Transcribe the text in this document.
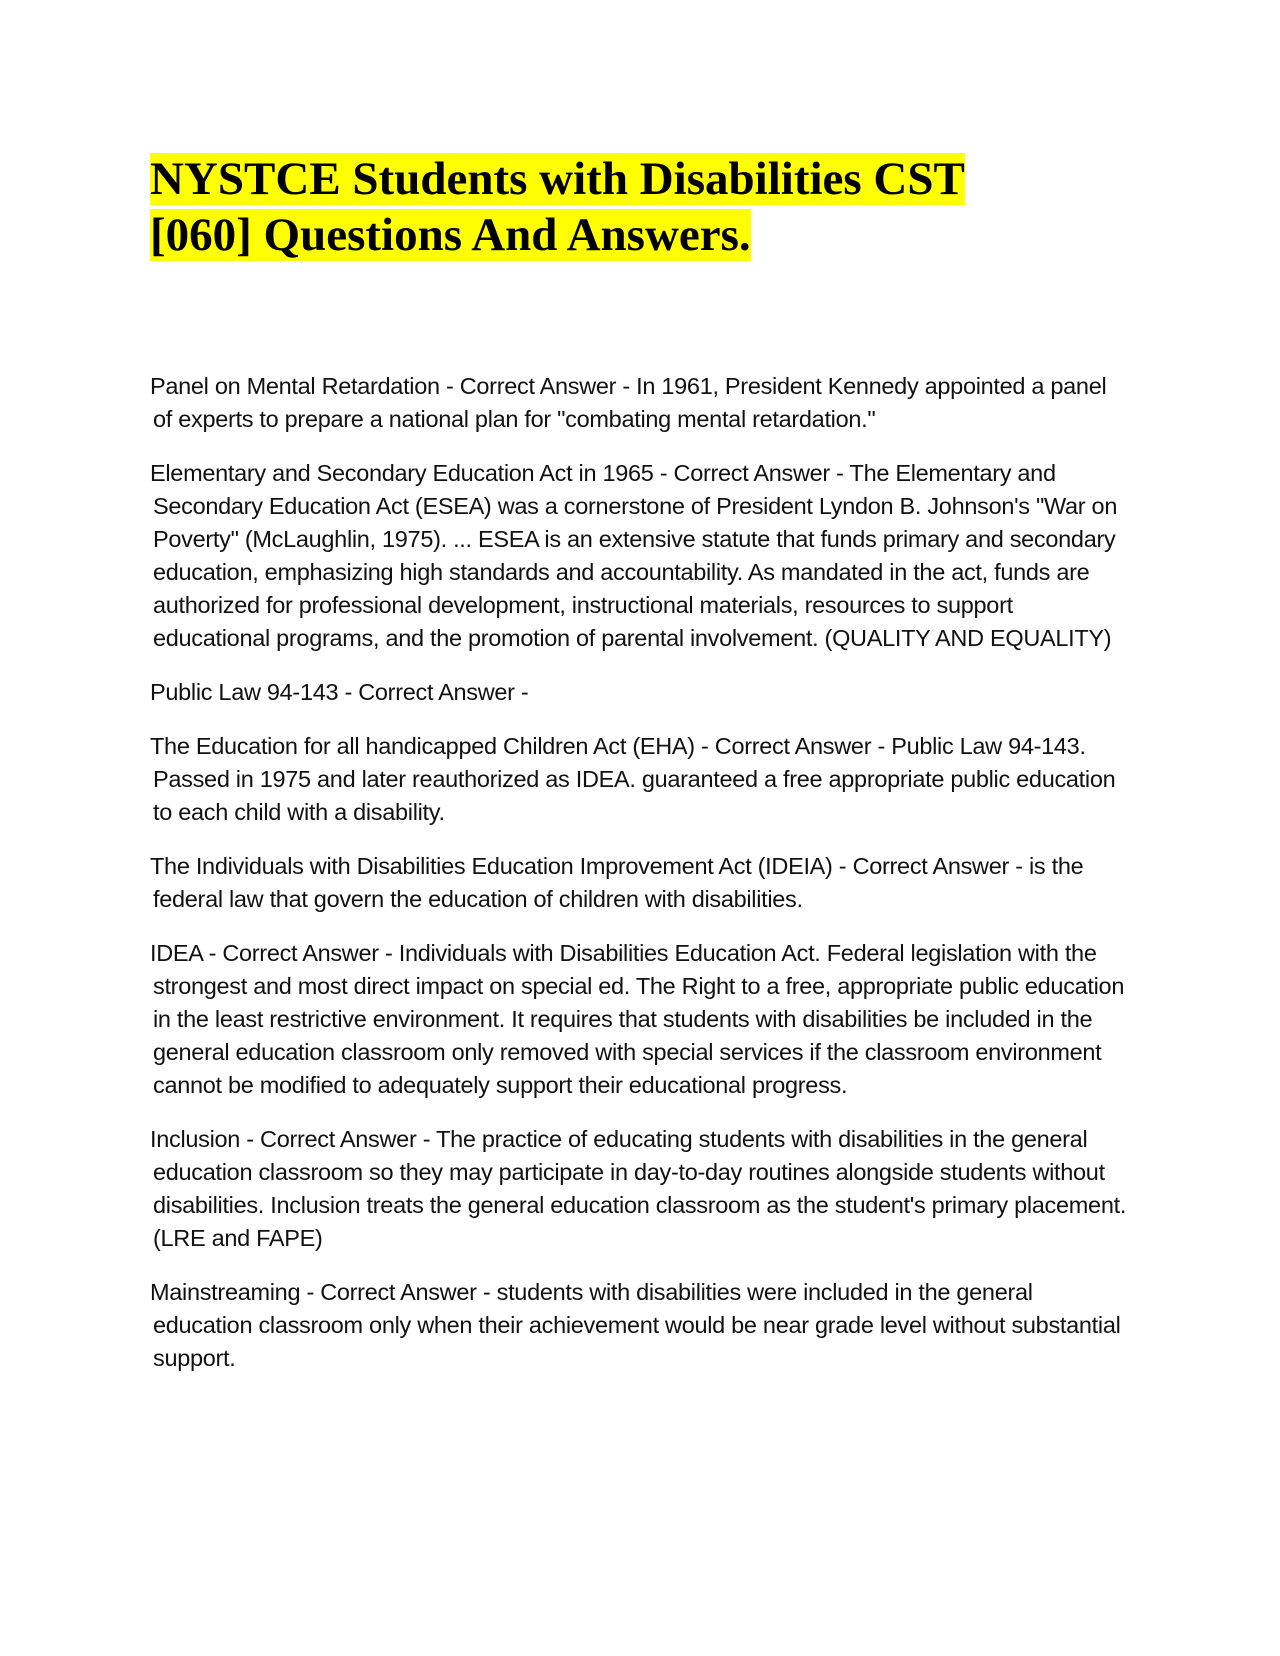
NYSTCE Students with Disabilities CST [060] Questions And Answers.

Panel on Mental Retardation - Correct Answer - In 1961, President Kennedy appointed a panel of experts to prepare a national plan for "combating mental retardation."

Elementary and Secondary Education Act in 1965 - Correct Answer - The Elementary and Secondary Education Act (ESEA) was a cornerstone of President Lyndon B. Johnson's "War on Poverty" (McLaughlin, 1975). ... ESEA is an extensive statute that funds primary and secondary education, emphasizing high standards and accountability. As mandated in the act, funds are authorized for professional development, instructional materials, resources to support educational programs, and the promotion of parental involvement. (QUALITY AND EQUALITY)

Public Law 94-143 - Correct Answer -

The Education for all handicapped Children Act (EHA) - Correct Answer - Public Law 94-143. Passed in 1975 and later reauthorized as IDEA. guaranteed a free appropriate public education to each child with a disability.

The Individuals with Disabilities Education Improvement Act (IDEIA) - Correct Answer - is the federal law that govern the education of children with disabilities.

IDEA - Correct Answer - Individuals with Disabilities Education Act. Federal legislation with the strongest and most direct impact on special ed. The Right to a free, appropriate public education in the least restrictive environment. It requires that students with disabilities be included in the general education classroom only removed with special services if the classroom environment cannot be modified to adequately support their educational progress.

Inclusion - Correct Answer - The practice of educating students with disabilities in the general education classroom so they may participate in day-to-day routines alongside students without disabilities. Inclusion treats the general education classroom as the student's primary placement. (LRE and FAPE)

Mainstreaming - Correct Answer - students with disabilities were included in the general education classroom only when their achievement would be near grade level without substantial support.
